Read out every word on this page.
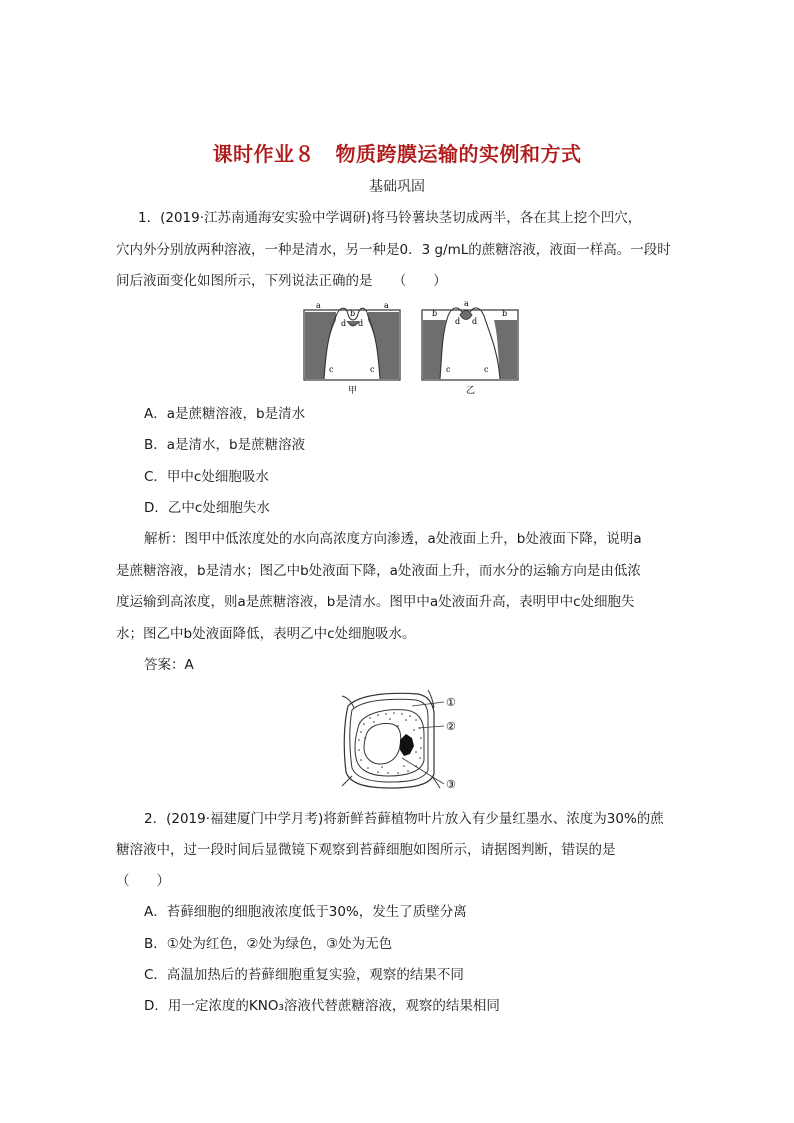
课时作业８　物质跨膜运输的实例和方式
基础巩固
1．(2019·江苏南通海安实验中学调研)将马铃薯块茎切成两半，各在其上挖个凹穴，
穴内外分别放两种溶液，一种是清水，另一种是0．3 g/mL的蔗糖溶液，液面一样高。一段时
间后液面变化如图所示，下列说法正确的是　　（　　）
a	a
b
d d
c	c
甲
b	b
a
d d
c	c
乙
A．a是蔗糖溶液，b是清水
B．a是清水，b是蔗糖溶液
C．甲中c处细胞吸水
D．乙中c处细胞失水
解析：图甲中低浓度处的水向高浓度方向渗透，a处液面上升，b处液面下降，说明a
是蔗糖溶液，b是清水；图乙中b处液面下降，a处液面上升，而水分的运输方向是由低浓
度运输到高浓度，则a是蔗糖溶液，b是清水。图甲中a处液面升高，表明甲中c处细胞失
水；图乙中b处液面降低，表明乙中c处细胞吸水。
答案：A
①
②
③
2．(2019·福建厦门中学月考)将新鲜苔藓植物叶片放入有少量红墨水、浓度为30%的蔗
糖溶液中，过一段时间后显微镜下观察到苔藓细胞如图所示，请据图判断，错误的是
（　　）
A．苔藓细胞的细胞液浓度低于30%，发生了质壁分离
B．①处为红色，②处为绿色，③处为无色
C．高温加热后的苔藓细胞重复实验，观察的结果不同
D．用一定浓度的KNO₃溶液代替蔗糖溶液，观察的结果相同
